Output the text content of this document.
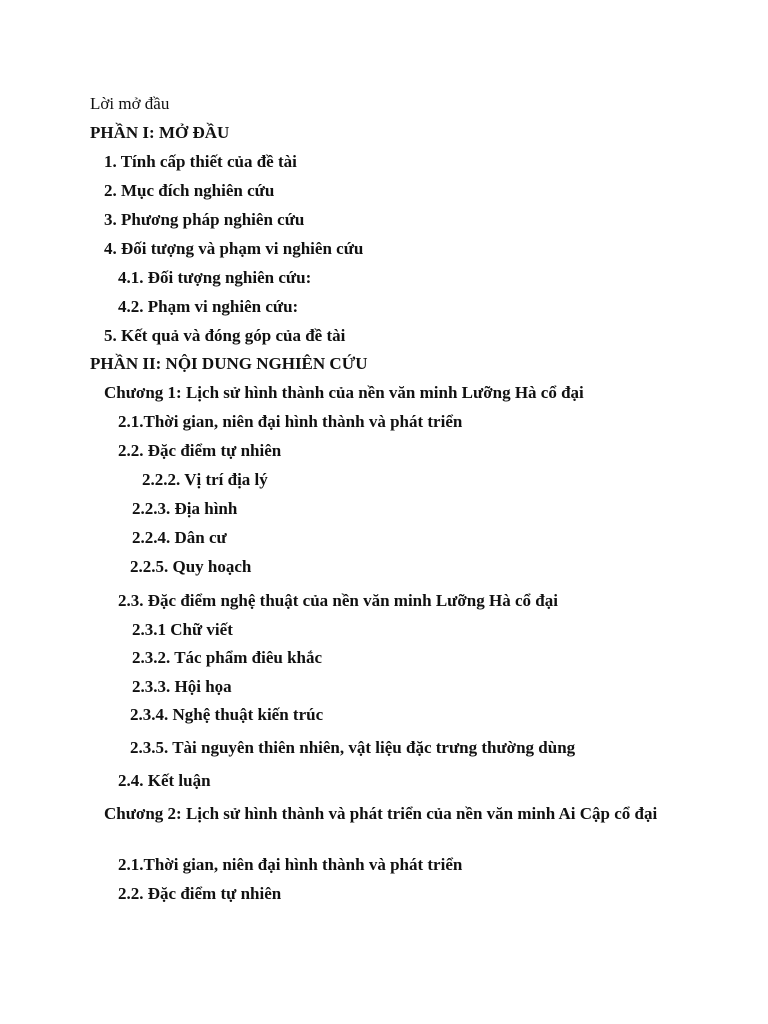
Lời mở đầu
PHẦN I: MỞ ĐẦU
1. Tính cấp thiết của đề tài
2. Mục đích nghiên cứu
3. Phương pháp nghiên cứu
4. Đối tượng và phạm vi nghiên cứu
4.1. Đối tượng nghiên cứu:
4.2. Phạm vi nghiên cứu:
5. Kết quả và đóng góp của đề tài
PHẦN II: NỘI DUNG NGHIÊN CỨU
Chương 1: Lịch sử hình thành của nền văn minh Lưỡng Hà cổ đại
2.1.Thời gian, niên đại hình thành và phát triển
2.2. Đặc điểm tự nhiên
2.2.2. Vị trí địa lý
2.2.3. Địa hình
2.2.4. Dân cư
2.2.5. Quy hoạch
2.3. Đặc điểm nghệ thuật của nền văn minh Lưỡng Hà cổ đại
2.3.1 Chữ viết
2.3.2. Tác phẩm điêu khắc
2.3.3. Hội họa
2.3.4. Nghệ thuật kiến trúc
2.3.5. Tài nguyên thiên nhiên, vật liệu đặc trưng thường dùng
2.4. Kết luận
Chương 2: Lịch sử hình thành và phát triển của nền văn minh Ai Cập cổ đại
2.1.Thời gian, niên đại hình thành và phát triển
2.2. Đặc điểm tự nhiên
